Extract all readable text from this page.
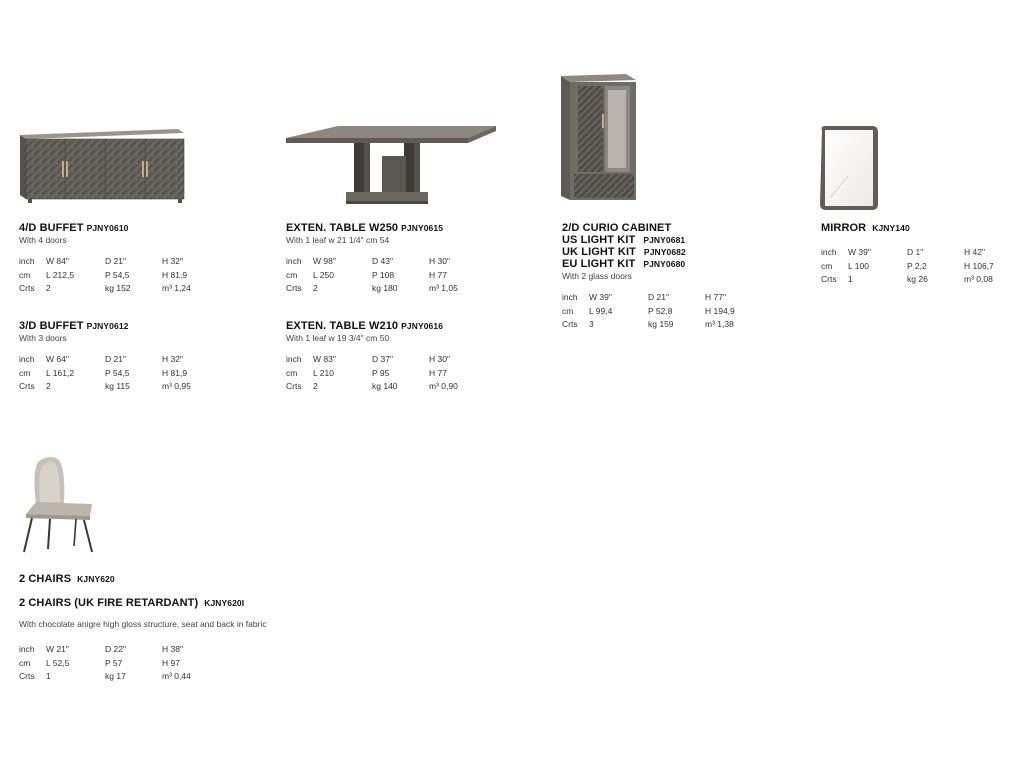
4/D BUFFET PJNY0610
With 4 doors
inch W 84"	D 21"	H 32"
cm L 212,5	P 54,5	H 81,9
Crts 2	kg 152	m³ 1,24
3/D BUFFET PJNY0612
With 3 doors
inch W 64"	D 21"	H 32"
cm L 161,2	P 54,5	H 81,9
Crts 2	kg 115	m³ 0,95
EXTEN. TABLE W250 PJNY0615
With 1 leaf w 21 1/4" cm 54
inch W 98"	D 43"	H 30"
cm L 250	P 108	H 77
Crts 2	kg 180	m³ 1,05
EXTEN. TABLE W210 PJNY0616
With 1 leaf w 19 3/4" cm 50
inch W 83"	D 37"	H 30"
cm L 210	P 95	H 77
Crts 2	kg 140	m³ 0,90
2/D CURIO CABINET
US LIGHT KIT PJNY0681
UK LIGHT KIT PJNY0682
EU LIGHT KIT PJNY0680
With 2 glass doors
inch W 39"	D 21"	H 77"
cm L 99,4	P 52,8	H 194,9
Crts 3	kg 159	m³ 1,38
MIRROR KJNY140
inch W 39"	D 1"	H 42"
cm L 100	P 2,2	H 106,7
Crts 1	kg 26	m³ 0,08
2 CHAIRS KJNY620
2 CHAIRS (UK FIRE RETARDANT) KJNY620I
With chocolate anigre high gloss structure, seat and back in fabric
inch W 21"	D 22"	H 38"
cm L 52,5	P 57	H 97
Crts 1	kg 17	m³ 0,44
